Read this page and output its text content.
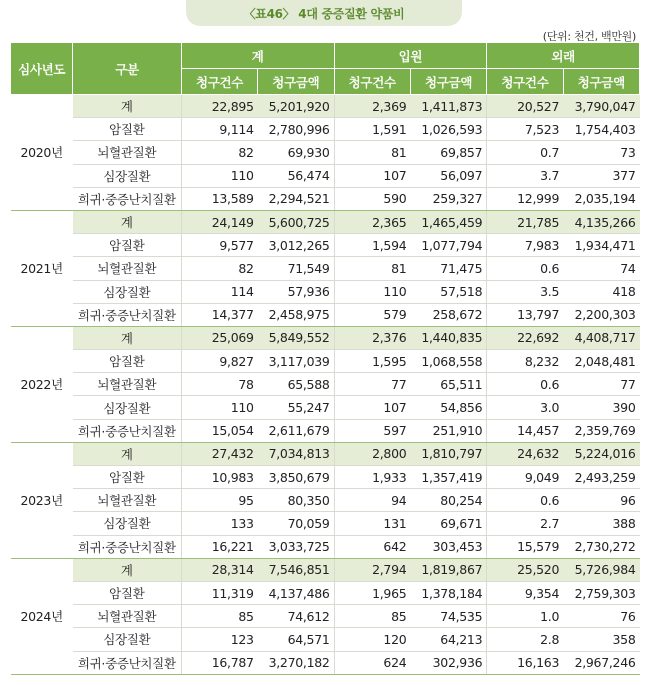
〈표46〉 4대 중증질환 약품비
(단위: 천건, 백만원)
심사년도	구분	계		입원		외래	
		청구건수	청구금액	청구건수	청구금액	청구건수	청구금액
2020년	계	22,895	5,201,920	2,369	1,411,873	20,527	3,790,047
	암질환	9,114	2,780,996	1,591	1,026,593	7,523	1,754,403
	뇌혈관질환	82	69,930	81	69,857	0.7	73
	심장질환	110	56,474	107	56,097	3.7	377
	희귀·중증난치질환	13,589	2,294,521	590	259,327	12,999	2,035,194
2021년	계	24,149	5,600,725	2,365	1,465,459	21,785	4,135,266
	암질환	9,577	3,012,265	1,594	1,077,794	7,983	1,934,471
	뇌혈관질환	82	71,549	81	71,475	0.6	74
	심장질환	114	57,936	110	57,518	3.5	418
	희귀·중증난치질환	14,377	2,458,975	579	258,672	13,797	2,200,303
2022년	계	25,069	5,849,552	2,376	1,440,835	22,692	4,408,717
	암질환	9,827	3,117,039	1,595	1,068,558	8,232	2,048,481
	뇌혈관질환	78	65,588	77	65,511	0.6	77
	심장질환	110	55,247	107	54,856	3.0	390
	희귀·중증난치질환	15,054	2,611,679	597	251,910	14,457	2,359,769
2023년	계	27,432	7,034,813	2,800	1,810,797	24,632	5,224,016
	암질환	10,983	3,850,679	1,933	1,357,419	9,049	2,493,259
	뇌혈관질환	95	80,350	94	80,254	0.6	96
	심장질환	133	70,059	131	69,671	2.7	388
	희귀·중증난치질환	16,221	3,033,725	642	303,453	15,579	2,730,272
2024년	계	28,314	7,546,851	2,794	1,819,867	25,520	5,726,984
	암질환	11,319	4,137,486	1,965	1,378,184	9,354	2,759,303
	뇌혈관질환	85	74,612	85	74,535	1.0	76
	심장질환	123	64,571	120	64,213	2.8	358
	희귀·중증난치질환	16,787	3,270,182	624	302,936	16,163	2,967,246
